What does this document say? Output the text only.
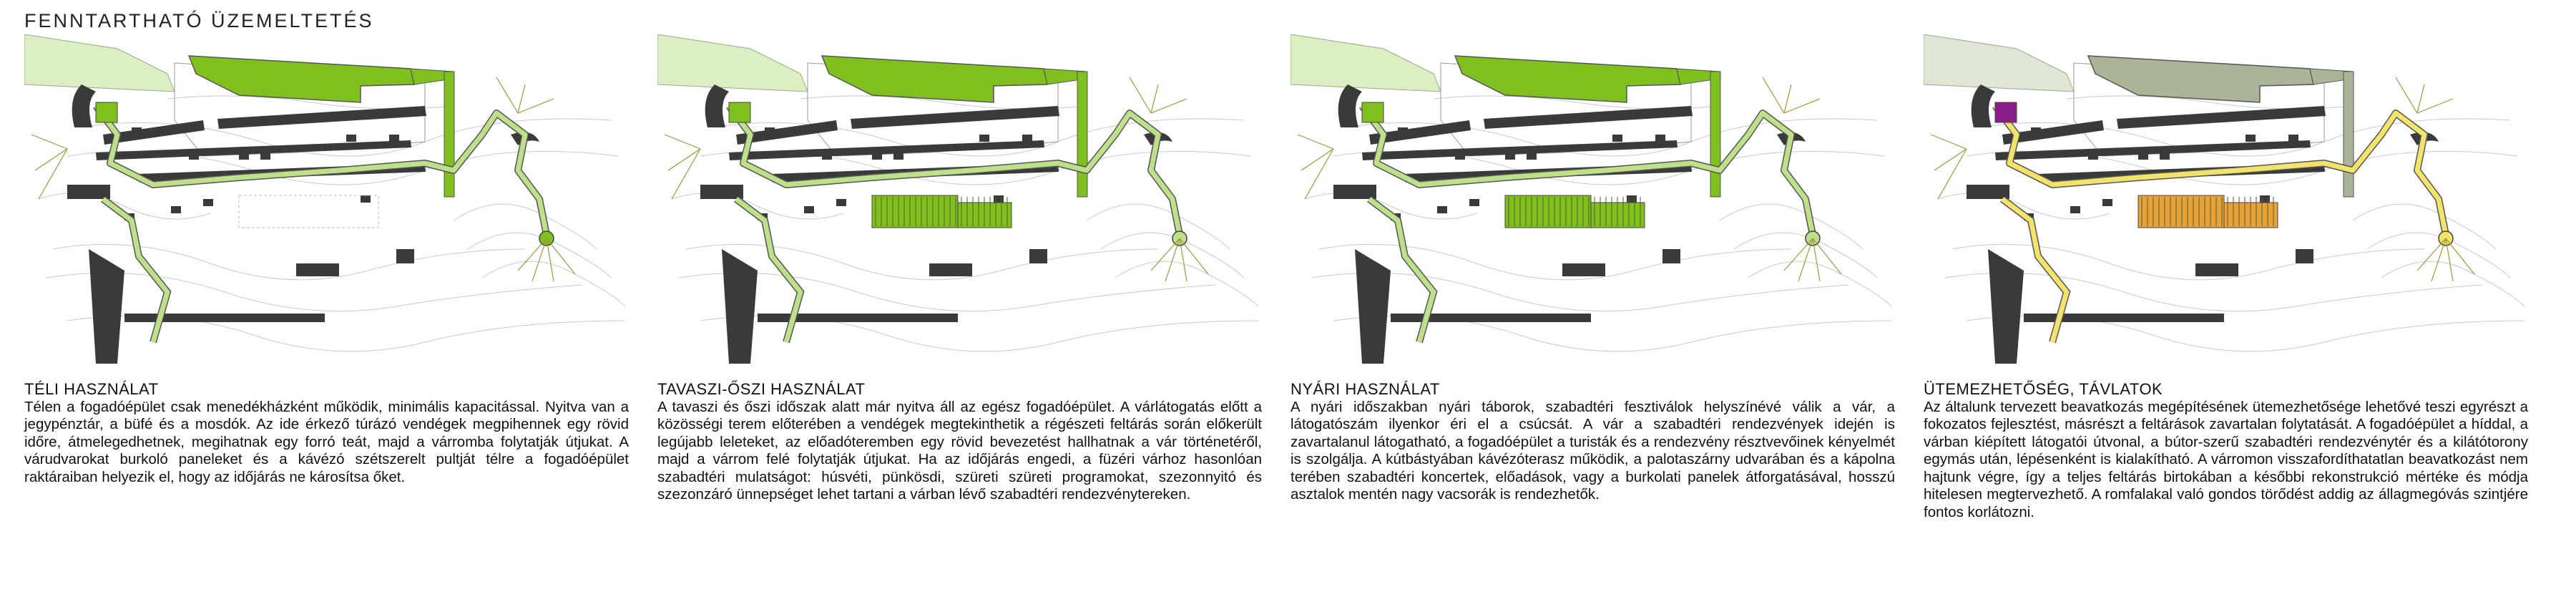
FENNTARTHATÓ ÜZEMELTETÉS
TÉLI HASZNÁLAT

Télen a fogadóépület csak menedékházként működik, minimális kapacitással. Nyitva van a jegypénztár, a büfé és a mosdók. Az ide érkező túrázó vendégek megpihennek egy rövid időre, átmelegedhetnek, megihatnak egy forró teát, majd a várromba folytatják útjukat. A várudvarokat burkoló paneleket és a kávézó szétszerelt pultját télre a fogadóépület raktáraiban helyezik el, hogy az időjárás ne károsítsa őket.

TAVASZI-ŐSZI HASZNÁLAT

A tavaszi és őszi időszak alatt már nyitva áll az egész fogadóépület. A várlátogatás előtt a közösségi terem előterében a vendégek megtekinthetik a régészeti feltárás során előkerült legújabb leleteket, az előadóteremben egy rövid bevezetést hallhatnak a vár történetéről, majd a várrom felé folytatják útjukat. Ha az időjárás engedi, a füzéri várhoz hasonlóan szabadtéri mulatságot: húsvéti, pünkösdi, szüreti szüreti programokat, szezonnyitó és szezonzáró ünnepséget lehet tartani a várban lévő szabadtéri rendezvénytereken.

NYÁRI HASZNÁLAT

A nyári időszakban nyári táborok, szabadtéri fesztiválok helyszínévé válik a vár, a látogatószám ilyenkor éri el a csúcsát. A vár a szabadtéri rendezvények idején is zavartalanul látogatható, a fogadóépület a turisták és a rendezvény résztvevőinek kényelmét is szolgálja. A kútbástyában kávézóterasz működik, a palotaszárny udvarában és a kápolna terében szabadtéri koncertek, előadások, vagy a burkolati panelek átforgatásával, hosszú asztalok mentén nagy vacsorák is rendezhetők.

ÜTEMEZHETŐSÉG, TÁVLATOK

Az általunk tervezett beavatkozás megépítésének ütemezhetősége lehetővé teszi egyrészt a fokozatos fejlesztést, másrészt a feltárások zavartalan folytatását. A fogadóépület a híddal, a várban kiépített látogatói útvonal, a bútor-szerű szabadtéri rendezvénytér és a kilátótorony egymás után, lépésenként is kialakítható. A várromon visszafordíthatatlan beavatkozást nem hajtunk végre, így a teljes feltárás birtokában a későbbi rekonstrukció mértéke és módja hitelesen megtervezhető. A romfalakal való gondos törődést addig az állagmegóvás szintjére fontos korlátozni.
